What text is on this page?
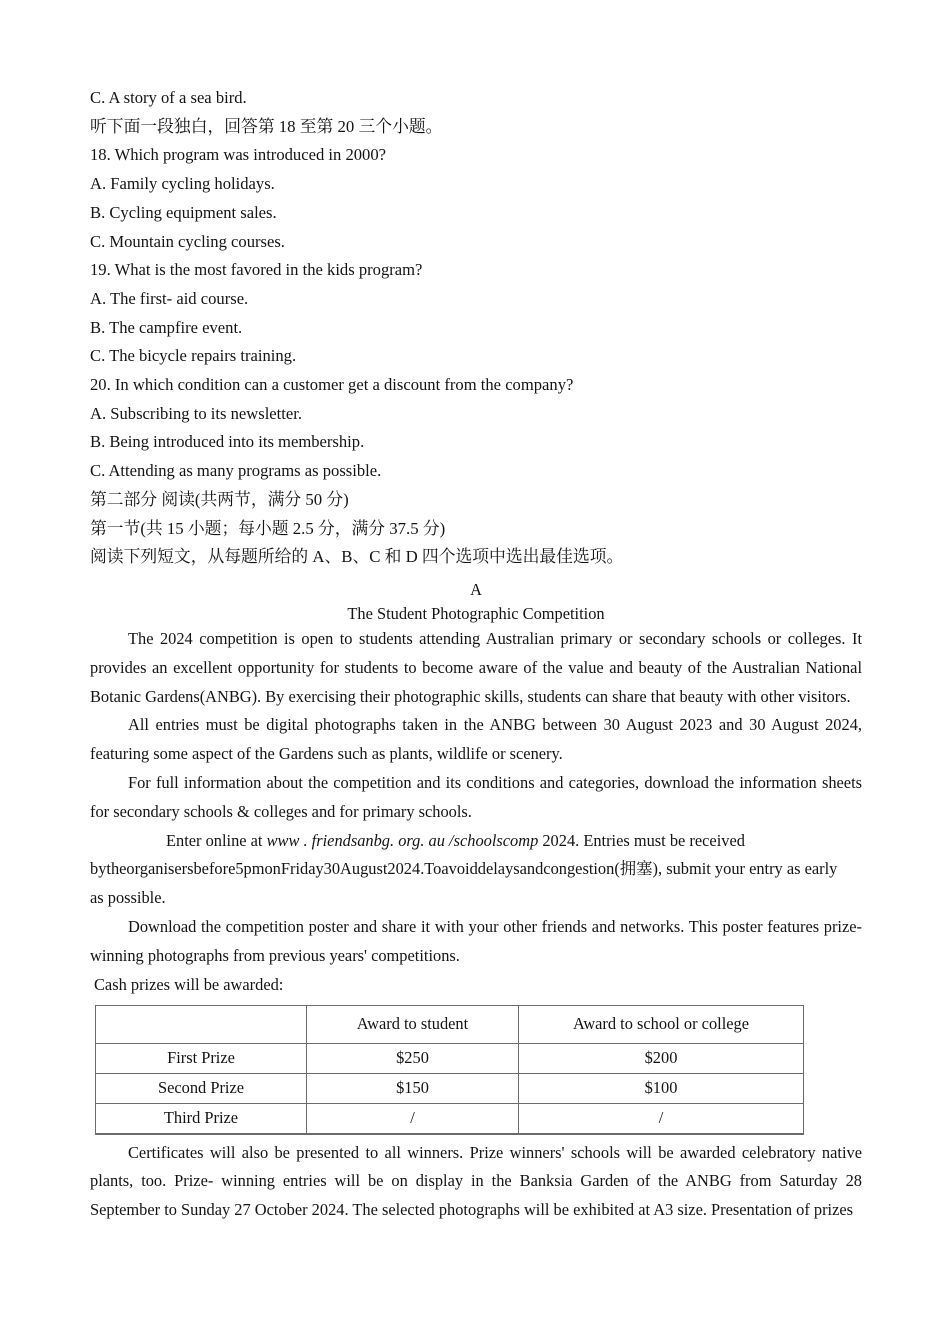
C. A story of a sea bird.
听下面一段独白，回答第 18 至第 20 三个小题。
18. Which program was introduced in 2000?
A. Family cycling holidays.
B. Cycling equipment sales.
C. Mountain cycling courses.
19. What is the most favored in the kids program?
A. The first- aid course.
B. The campfire event.
C. The bicycle repairs training.
20. In which condition can a customer get a discount from the company?
A. Subscribing to its newsletter.
B. Being introduced into its membership.
C. Attending as many programs as possible.
第二部分 阅读(共两节，满分 50 分)
第一节(共 15 小题；每小题 2.5 分，满分 37.5 分)
阅读下列短文，从每题所给的 A、B、C 和 D 四个选项中选出最佳选项。
A
The Student Photographic Competition

The 2024 competition is open to students attending Australian primary or secondary schools or colleges. It provides an excellent opportunity for students to become aware of the value and beauty of the Australian National Botanic Gardens(ANBG). By exercising their photographic skills, students can share that beauty with other visitors.

All entries must be digital photographs taken in the ANBG between 30 August 2023 and 30 August 2024, featuring some aspect of the Gardens such as plants, wildlife or scenery.

For full information about the competition and its conditions and categories, download the information sheets for secondary schools & colleges and for primary schools.

Enter online at www . friendsanbg. org. au /schoolscomp 2024. Entries must be received
bytheorganisersbefore5pmonFriday30August2024.Toavoiddelaysandcongestion(拥塞), submit your entry as early
as possible.

Download the competition poster and share it with your other friends and networks. This poster features prize-winning photographs from previous years' competitions.

Cash prizes will be awarded:
	Award to student	Award to school or college
First Prize	$250	$200
Second Prize	$150	$100
Third Prize	/	/

Certificates will also be presented to all winners. Prize winners' schools will be awarded celebratory native plants, too. Prize- winning entries will be on display in the Banksia Garden of the ANBG from Saturday 28 September to Sunday 27 October 2024. The selected photographs will be exhibited at A3 size. Presentation of prizes
